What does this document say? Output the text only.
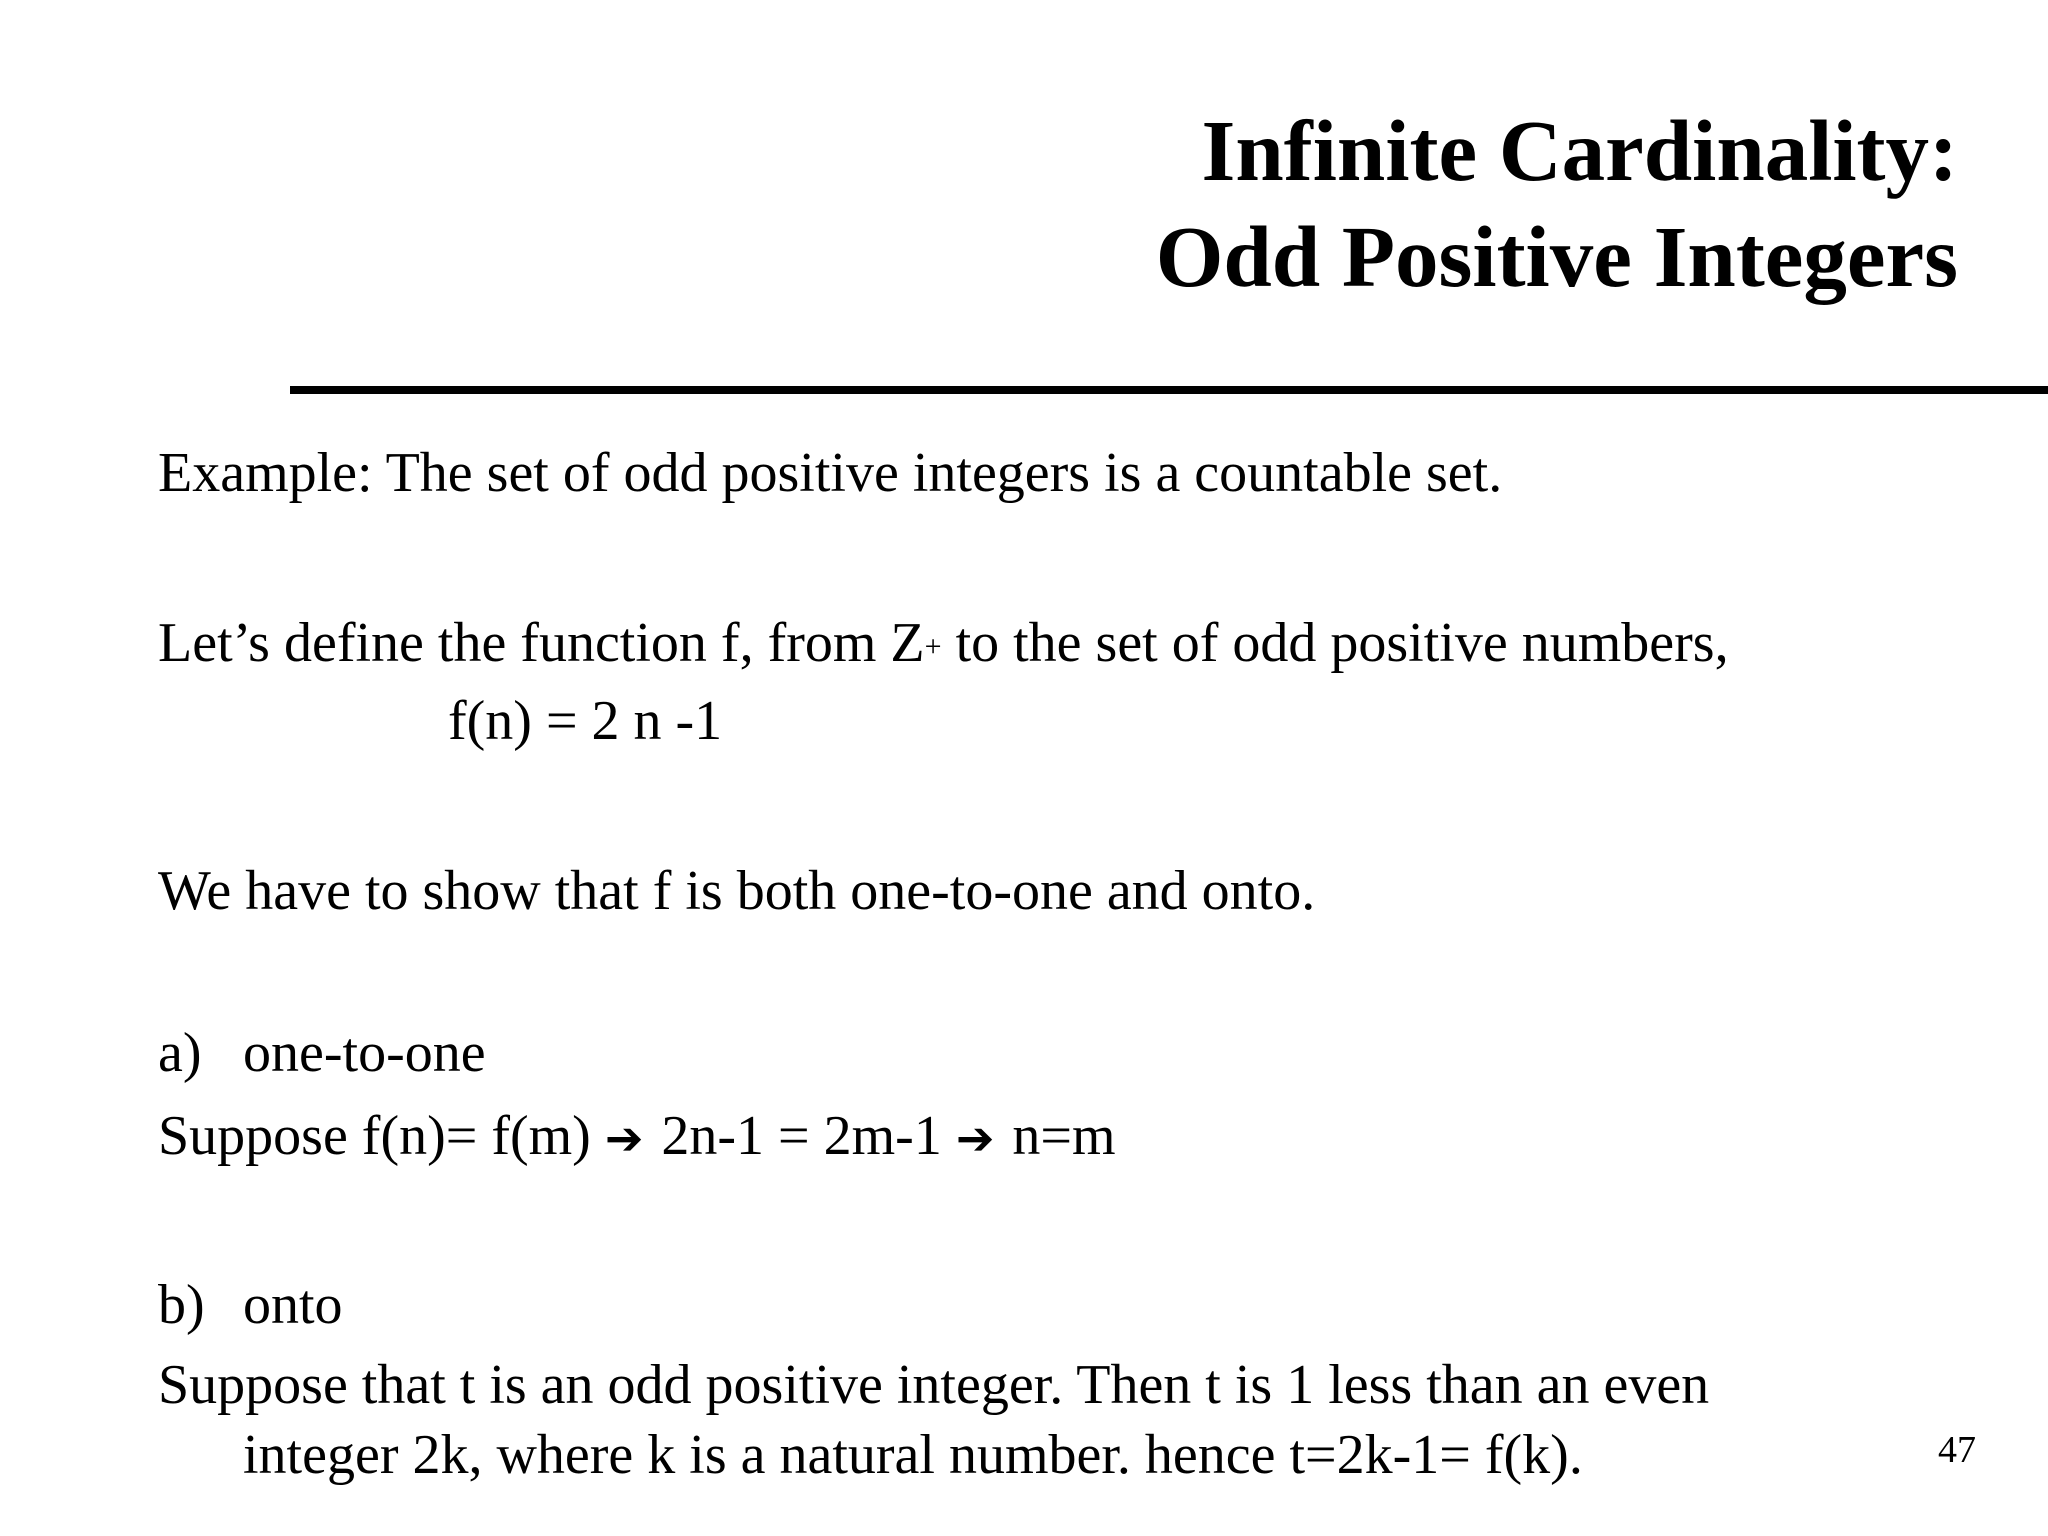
Infinite Cardinality:
Odd Positive Integers

Example: The set of odd positive integers is a countable set.

Let’s define the function f, from Z+ to the set of odd positive numbers,

f(n) = 2 n -1

We have to show that f is both one-to-one and onto.

a) one-to-one

Suppose f(n)= f(m) ➔ 2n-1 = 2m-1 ➔ n=m

b) onto

Suppose that t is an odd positive integer. Then t is 1 less than an even

integer 2k, where k is a natural number. hence t=2k-1= f(k).	47
